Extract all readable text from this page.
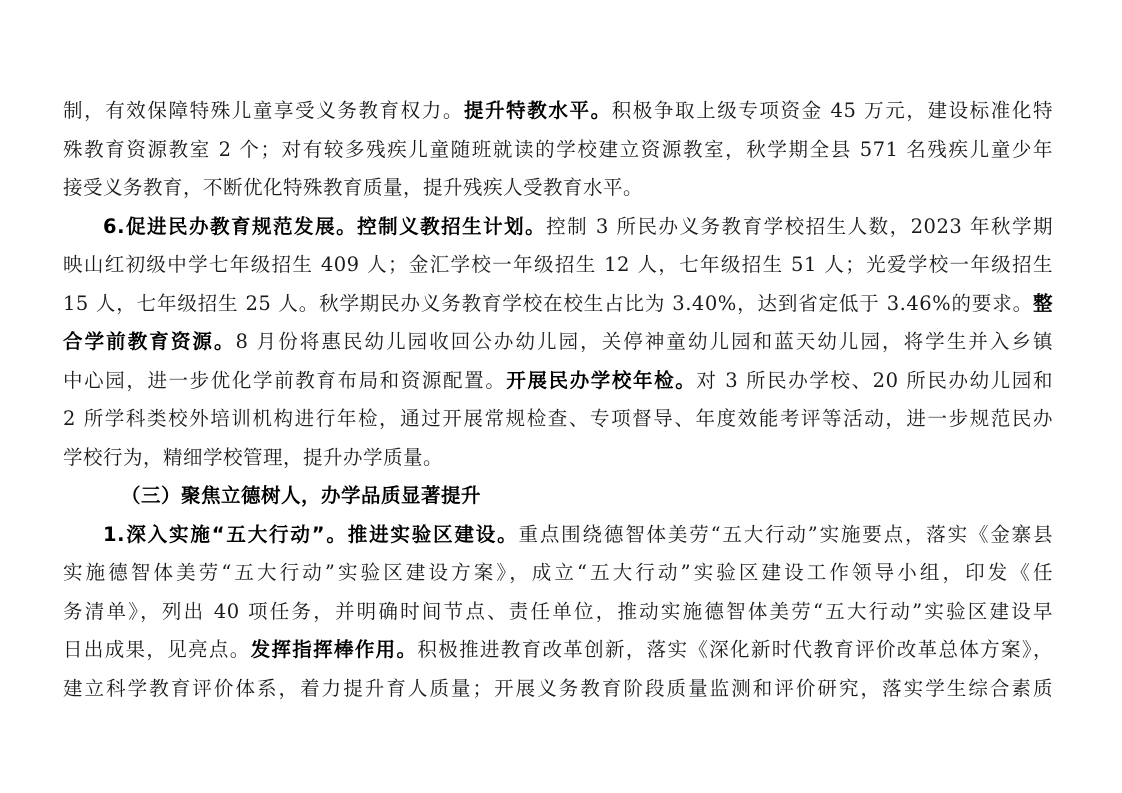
制，有效保障特殊儿童享受义务教育权力。提升特教水平。积极争取上级专项资金 45 万元，建设标准化特
殊教育资源教室 2 个；对有较多残疾儿童随班就读的学校建立资源教室，秋学期全县 571 名残疾儿童少年
接受义务教育，不断优化特殊教育质量，提升残疾人受教育水平。
6.促进民办教育规范发展。控制义教招生计划。控制 3 所民办义务教育学校招生人数，2023 年秋学期
映山红初级中学七年级招生 409 人；金汇学校一年级招生 12 人，七年级招生 51 人；光爱学校一年级招生
15 人，七年级招生 25 人。秋学期民办义务教育学校在校生占比为 3.40%，达到省定低于 3.46%的要求。整
合学前教育资源。8 月份将惠民幼儿园收回公办幼儿园，关停神童幼儿园和蓝天幼儿园，将学生并入乡镇
中心园，进一步优化学前教育布局和资源配置。开展民办学校年检。对 3 所民办学校、20 所民办幼儿园和
2 所学科类校外培训机构进行年检，通过开展常规检查、专项督导、年度效能考评等活动，进一步规范民办
学校行为，精细学校管理，提升办学质量。
（三）聚焦立德树人，办学品质显著提升
1.深入实施“五大行动”。推进实验区建设。重点围绕德智体美劳“五大行动”实施要点，落实《金寨县
实施德智体美劳“五大行动”实验区建设方案》，成立“五大行动”实验区建设工作领导小组，印发《任
务清单》，列出 40 项任务，并明确时间节点、责任单位，推动实施德智体美劳“五大行动”实验区建设早
日出成果，见亮点。发挥指挥棒作用。积极推进教育改革创新，落实《深化新时代教育评价改革总体方案》，
建立科学教育评价体系，着力提升育人质量；开展义务教育阶段质量监测和评价研究，落实学生综合素质
